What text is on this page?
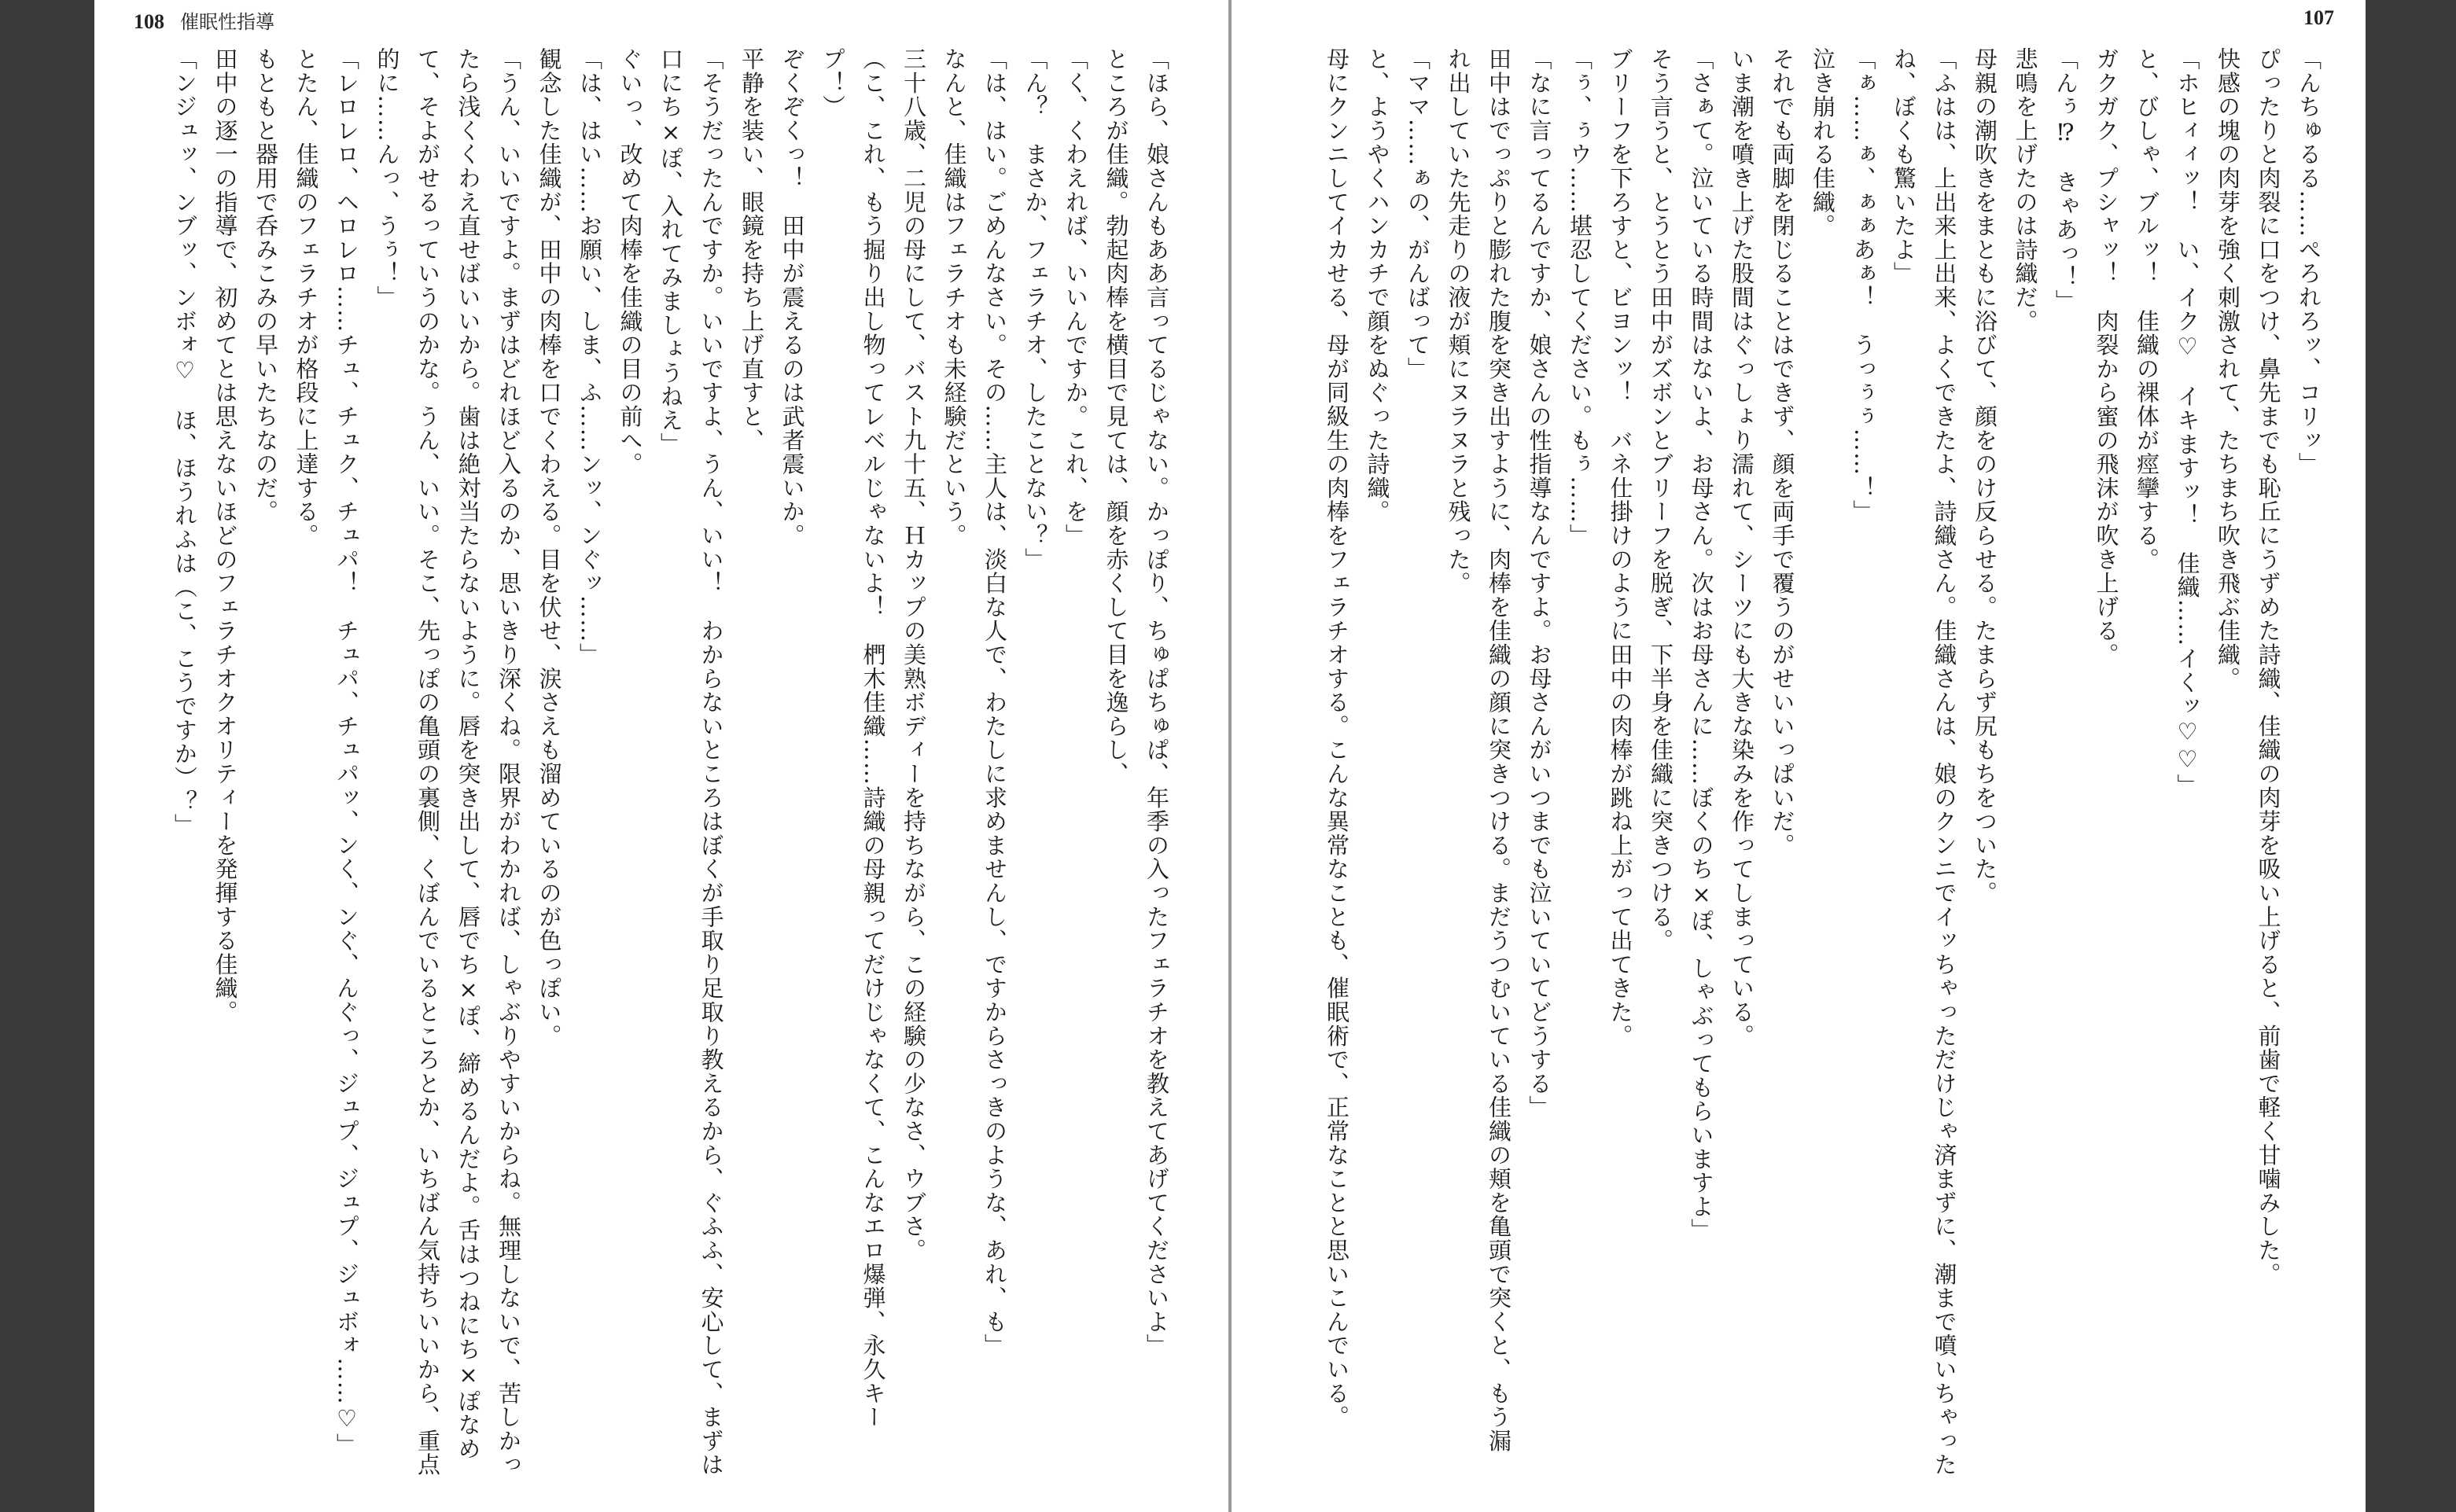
107
「んちゅるる……ぺろれろッ、コリッ」
ぴったりと肉裂に口をつけ、鼻先までも恥丘にうずめた詩織、佳織の肉芽を吸い上げると、前歯で軽く甘噛みした。
快感の塊の肉芽を強く刺激されて、たちまち吹き飛ぶ佳織。
「ホヒィィッ！　い、イク♡　イキますッ！　佳織……イくッ♡♡」
と、びしゃ、ブルッ！　佳織の裸体が痙攣する。
ガクガク、プシャッ！　肉裂から蜜の飛沫が吹き上げる。
「んぅ⁉　きゃあっ！」
悲鳴を上げたのは詩織だ。
母親の潮吹きをまともに浴びて、顔をのけ反らせる。たまらず尻もちをついた。
「ふはは、上出来上出来、よくできたよ、詩織さん。佳織さんは、娘のクンニでイッちゃっただけじゃ済まずに、潮まで噴いちゃった
ね、ぼくも驚いたよ」
「ぁ……ぁ、ぁぁあぁ！　うっぅぅ……！」
泣き崩れる佳織。
それでも両脚を閉じることはできず、顔を両手で覆うのがせいいっぱいだ。
いま潮を噴き上げた股間はぐっしょり濡れて、シーツにも大きな染みを作ってしまっている。
「さぁて。泣いている時間はないよ、お母さん。次はお母さんに……ぼくのち×ぽ、しゃぶってもらいますよ」
そう言うと、とうとう田中がズボンとブリーフを脱ぎ、下半身を佳織に突きつける。
ブリーフを下ろすと、ビヨンッ！　バネ仕掛けのように田中の肉棒が跳ね上がって出てきた。
「ぅ、ぅウ……堪忍してください。もぅ……」
「なに言ってるんですか、娘さんの性指導なんですよ。お母さんがいつまでも泣いていてどうする」
田中はでっぷりと膨れた腹を突き出すように、肉棒を佳織の顔に突きつける。まだうつむいている佳織の頬を亀頭で突くと、もう漏
れ出していた先走りの液が頬にヌラヌラと残った。
「ママ……ぁの、がんばって」
と、ようやくハンカチで顔をぬぐった詩織。
母にクンニしてイカせる、母が同級生の肉棒をフェラチオする。こんな異常なことも、催眠術で、正常なことと思いこんでいる。
108 催眠性指導
「ほら、娘さんもああ言ってるじゃない。かっぽり、ちゅぱちゅぱ、年季の入ったフェラチオを教えてあげてくださいよ」
ところが佳織。勃起肉棒を横目で見ては、顔を赤くして目を逸らし、
「く、くわえれば、いいんですか。これ、を」
「ん？　まさか、フェラチオ、したことない？」
「は、はい。ごめんなさい。その……主人は、淡白な人で、わたしに求めませんし、ですからさっきのような、あれ、も」
なんと、佳織はフェラチオも未経験だという。
三十八歳、二児の母にして、バスト九十五、Ｈカップの美熟ボディーを持ちながら、この経験の少なさ、ウブさ。
（こ、これ、もう掘り出し物ってレベルじゃないよ！　椚木佳織……詩織の母親ってだけじゃなくて、こんなエロ爆弾、永久キー
プ！）
ぞくぞくっ！　田中が震えるのは武者震いか。
平静を装い、眼鏡を持ち上げ直すと、
「そうだったんですか。いいですよ、うん、いい！　わからないところはぼくが手取り足取り教えるから、ぐふふ、安心して、まずは
口にち×ぽ、入れてみましょうねえ」
ぐいっ、改めて肉棒を佳織の目の前へ。
「は、はい……お願い、しま、ふ……ンッ、ンぐッ……」
観念した佳織が、田中の肉棒を口でくわえる。目を伏せ、涙さえも溜めているのが色っぽい。
「うん、いいですよ。まずはどれほど入るのか、思いきり深くね。限界がわかれば、しゃぶりやすいからね。無理しないで、苦しかっ
たら浅くくわえ直せばいいから。歯は絶対当たらないように。唇を突き出して、唇でち×ぽ、締めるんだよ。舌はつねにち×ぽなめ
て、そよがせるっていうのかな。うん、いい。そこ、先っぽの亀頭の裏側、くぼんでいるところとか、いちばん気持ちいいから、重点
的に……んっ、うぅ！」
「レロレロ、ヘロレロ……チュ、チュク、チュパ！　チュパ、チュパッ、ンく、ンぐ、んぐっ、ジュプ、ジュプ、ジュボォ……♡」
とたん、佳織のフェラチオが格段に上達する。
もともと器用で呑みこみの早いたちなのだ。
田中の逐一の指導で、初めてとは思えないほどのフェラチオクオリティーを発揮する佳織。
「ンジュッ、ンブッ、ンボォ♡　ほ、ほうれふは（こ、こうですか）？」
